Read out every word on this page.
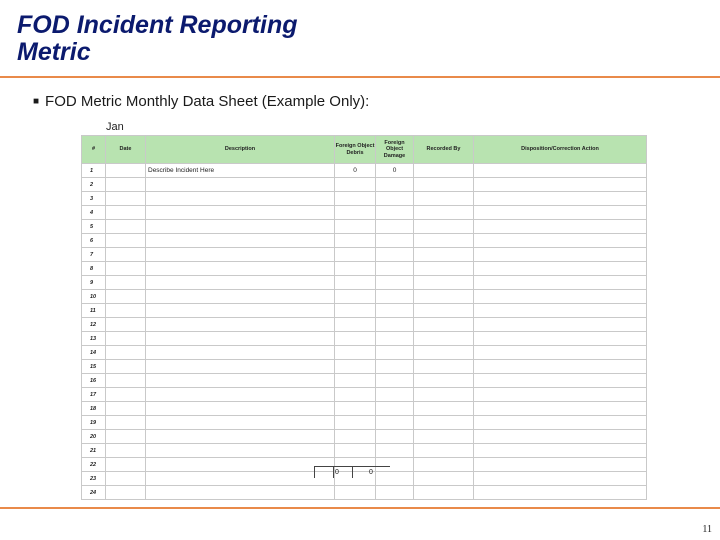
FOD Incident Reporting
Metric
■ FOD Metric Monthly Data Sheet (Example Only):
Jan
#	Date	Description	Foreign Object Debris	Foreign Object Damage	Recorded By	Disposition/Correction Action
1		Describe Incident Here	0	0		
2						
3						
4						
5						
6						
7						
8						
9						
10						
11						
12						
13						
14						
15						
16						
17						
18						
19						
20						
21						
22						
23						
24						
0	0
11
